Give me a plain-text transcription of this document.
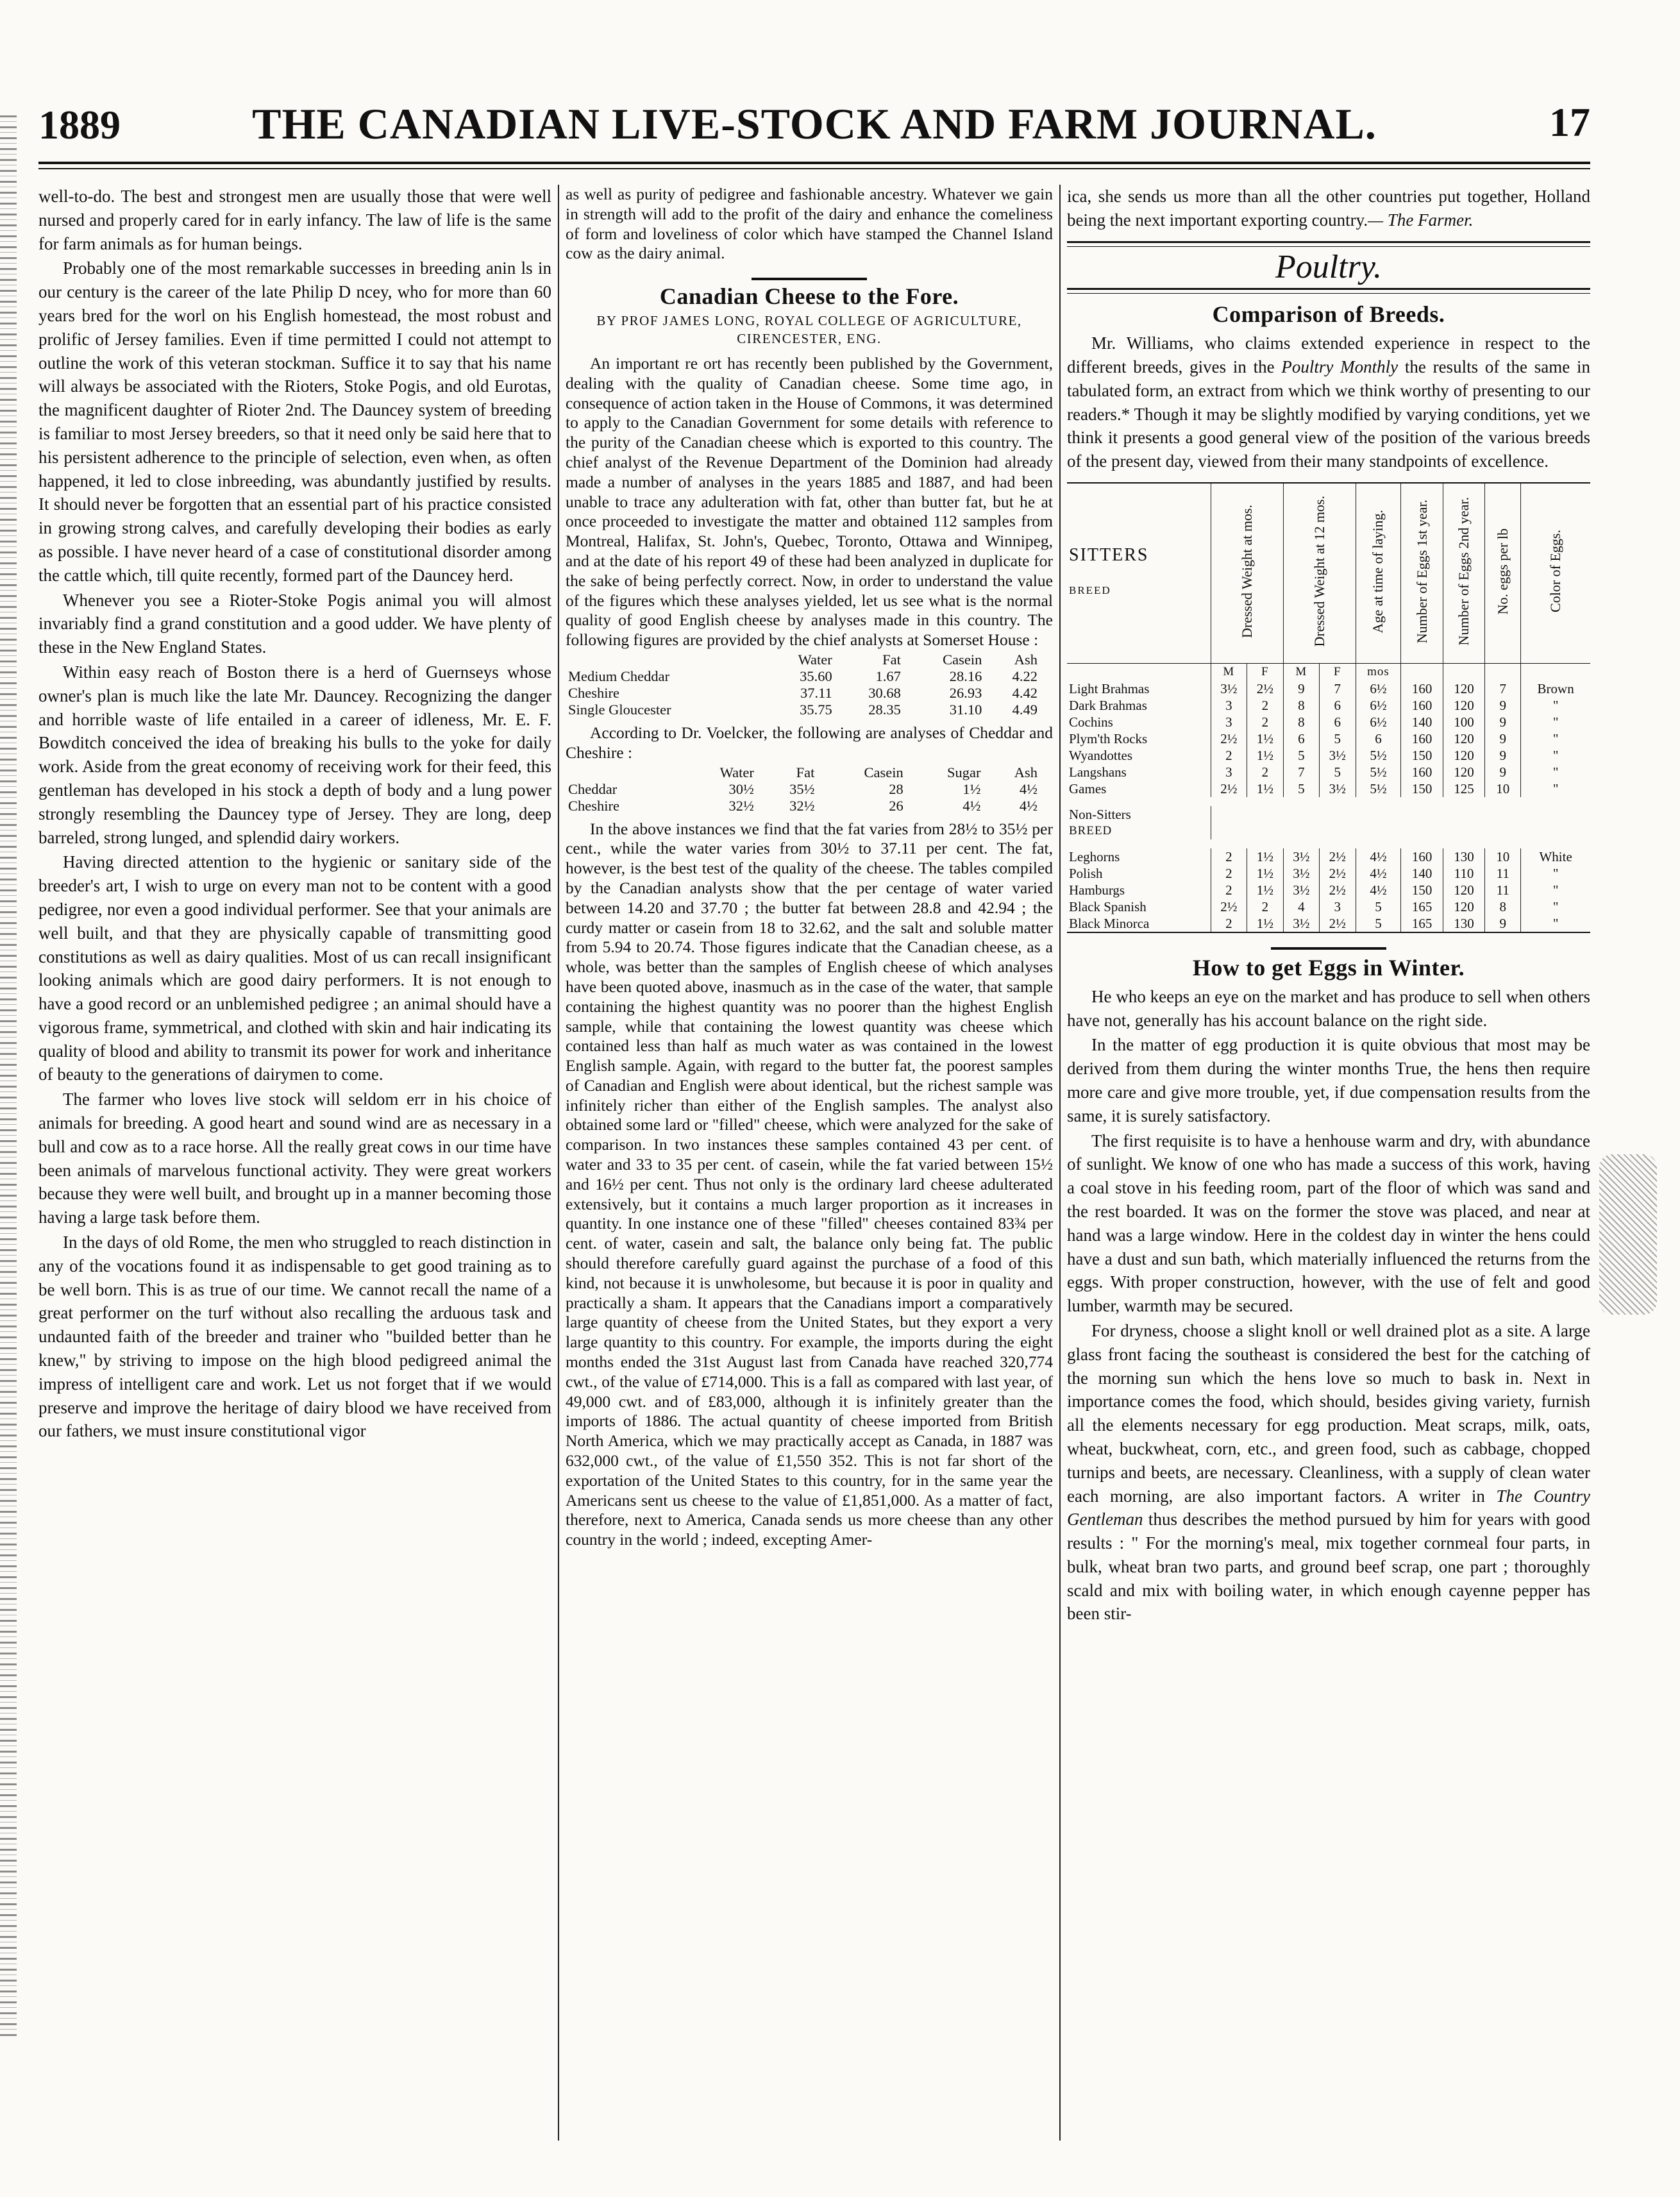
1889	THE CANADIAN LIVE-STOCK AND FARM JOURNAL.	17

well-to-do. The best and strongest men are usually those that were well nursed and properly cared for in early infancy. The law of life is the same for farm animals as for human beings.

Probably one of the most remarkable successes in breeding anin ls in our century is the career of the late Philip D ncey, who for more than 60 years bred for the worl on his English homestead, the most robust and prolific of Jersey families. Even if time permitted I could not attempt to outline the work of this veteran stockman. Suffice it to say that his name will always be associated with the Rioters, Stoke Pogis, and old Eurotas, the magnificent daughter of Rioter 2nd. The Dauncey system of breeding is familiar to most Jersey breeders, so that it need only be said here that to his persistent adherence to the principle of selection, even when, as often happened, it led to close inbreeding, was abundantly justified by results. It should never be forgotten that an essential part of his practice consisted in growing strong calves, and carefully developing their bodies as early as possible. I have never heard of a case of constitutional disorder among the cattle which, till quite recently, formed part of the Dauncey herd.

Whenever you see a Rioter-Stoke Pogis animal you will almost invariably find a grand constitution and a good udder. We have plenty of these in the New England States.

Within easy reach of Boston there is a herd of Guernseys whose owner's plan is much like the late Mr. Dauncey. Recognizing the danger and horrible waste of life entailed in a career of idleness, Mr. E. F. Bowditch conceived the idea of breaking his bulls to the yoke for daily work. Aside from the great economy of receiving work for their feed, this gentleman has developed in his stock a depth of body and a lung power strongly resembling the Dauncey type of Jersey. They are long, deep barreled, strong lunged, and splendid dairy workers.

Having directed attention to the hygienic or sanitary side of the breeder's art, I wish to urge on every man not to be content with a good pedigree, nor even a good individual performer. See that your animals are well built, and that they are physically capable of transmitting good constitutions as well as dairy qualities. Most of us can recall insignificant looking animals which are good dairy performers. It is not enough to have a good record or an unblemished pedigree ; an animal should have a vigorous frame, symmetrical, and clothed with skin and hair indicating its quality of blood and ability to transmit its power for work and inheritance of beauty to the generations of dairymen to come.

The farmer who loves live stock will seldom err in his choice of animals for breeding. A good heart and sound wind are as necessary in a bull and cow as to a race horse. All the really great cows in our time have been animals of marvelous functional activity. They were great workers because they were well built, and brought up in a manner becoming those having a large task before them.

In the days of old Rome, the men who struggled to reach distinction in any of the vocations found it as indispensable to get good training as to be well born. This is as true of our time. We cannot recall the name of a great performer on the turf without also recalling the arduous task and undaunted faith of the breeder and trainer who "builded better than he knew," by striving to impose on the high blood pedigreed animal the impress of intelligent care and work. Let us not forget that if we would preserve and improve the heritage of dairy blood we have received from our fathers, we must insure constitutional vigor

as well as purity of pedigree and fashionable ancestry. Whatever we gain in strength will add to the profit of the dairy and enhance the comeliness of form and loveliness of color which have stamped the Channel Island cow as the dairy animal.

Canadian Cheese to the Fore.
BY PROF JAMES LONG, ROYAL COLLEGE OF AGRICULTURE, CIRENCESTER, ENG.

An important re ort has recently been published by the Government, dealing with the quality of Canadian cheese. Some time ago, in consequence of action taken in the House of Commons, it was determined to apply to the Canadian Government for some details with reference to the purity of the Canadian cheese which is exported to this country. The chief analyst of the Revenue Department of the Dominion had already made a number of analyses in the years 1885 and 1887, and had been unable to trace any adulteration with fat, other than butter fat, but he at once proceeded to investigate the matter and obtained 112 samples from Montreal, Halifax, St. John's, Quebec, Toronto, Ottawa and Winnipeg, and at the date of his report 49 of these had been analyzed in duplicate for the sake of being perfectly correct. Now, in order to understand the value of the figures which these analyses yielded, let us see what is the normal quality of good English cheese by analyses made in this country. The following figures are provided by the chief analysts at Somerset House :

	Water	Fat	Casein	Ash
Medium Cheddar	35.60	1.67	28.16	4.22
Cheshire	37.11	30.68	26.93	4.42
Single Gloucester	35.75	28.35	31.10	4.49

According to Dr. Voelcker, the following are analyses of Cheddar and Cheshire :

	Water	Fat	Casein	Sugar	Ash
Cheddar	30½	35½	28	1½	4½
Cheshire	32½	32½	26	4½	4½

In the above instances we find that the fat varies from 28½ to 35½ per cent., while the water varies from 30½ to 37.11 per cent. The fat, however, is the best test of the quality of the cheese. The tables compiled by the Canadian analysts show that the per centage of water varied between 14.20 and 37.70 ; the butter fat between 28.8 and 42.94 ; the curdy matter or casein from 18 to 32.62, and the salt and soluble matter from 5.94 to 20.74. Those figures indicate that the Canadian cheese, as a whole, was better than the samples of English cheese of which analyses have been quoted above, inasmuch as in the case of the water, that sample containing the highest quantity was no poorer than the highest English sample, while that containing the lowest quantity was cheese which contained less than half as much water as was contained in the lowest English sample. Again, with regard to the butter fat, the poorest samples of Canadian and English were about identical, but the richest sample was infinitely richer than either of the English samples. The analyst also obtained some lard or "filled" cheese, which were analyzed for the sake of comparison. In two instances these samples contained 43 per cent. of water and 33 to 35 per cent. of casein, while the fat varied between 15½ and 16½ per cent. Thus not only is the ordinary lard cheese adulterated extensively, but it contains a much larger proportion as it increases in quantity. In one instance one of these "filled" cheeses contained 83¾ per cent. of water, casein and salt, the balance only being fat. The public should therefore carefully guard against the purchase of a food of this kind, not because it is unwholesome, but because it is poor in quality and practically a sham. It appears that the Canadians import a comparatively large quantity of cheese from the United States, but they export a very large quantity to this country. For example, the imports during the eight months ended the 31st August last from Canada have reached 320,774 cwt., of the value of £714,000. This is a fall as compared with last year, of 49,000 cwt. and of £83,000, although it is infinitely greater than the imports of 1886. The actual quantity of cheese imported from British North America, which we may practically accept as Canada, in 1887 was 632,000 cwt., of the value of £1,550 352. This is not far short of the exportation of the United States to this country, for in the same year the Americans sent us cheese to the value of £1,851,000. As a matter of fact, therefore, next to America, Canada sends us more cheese than any other country in the world ; indeed, excepting Amer-

ica, she sends us more than all the other countries put together, Holland being the next important exporting country.— The Farmer.

Poultry.
Comparison of Breeds.

Mr. Williams, who claims extended experience in respect to the different breeds, gives in the Poultry Monthly the results of the same in tabulated form, an extract from which we think worthy of presenting to our readers.* Though it may be slightly modified by varying conditions, yet we think it presents a good general view of the position of the various breeds of the present day, viewed from their many standpoints of excellence.

SITTERS
BREED	Dressed Weight at mos.		Dressed Weight at 12 mos.		Age at time of laying.	Number of Eggs 1st year.	Number of Eggs 2nd year.	No. eggs per lb	Color of Eggs.
	M	F	M	F	mos				
Light Brahmas	3½	2½	9	7	6½	160	120	7	Brown
Dark Brahmas	3	2	8	6	6½	160	120	9	"
Cochins	3	2	8	6	6½	140	100	9	"
Plym'th Rocks	2½	1½	6	5	6	160	120	9	"
Wyandottes	2	1½	5	3½	5½	150	120	9	"
Langshans	3	2	7	5	5½	160	120	9	"
Games	2½	1½	5	3½	5½	150	125	10	"

Non-Sitters									
BREED									

Leghorns	2	1½	3½	2½	4½	160	130	10	White
Polish	2	1½	3½	2½	4½	140	110	11	"
Hamburgs	2	1½	3½	2½	4½	150	120	11	"
Black Spanish	2½	2	4	3	5	165	120	8	"
Black Minorca	2	1½	3½	2½	5	165	130	9	"
How to get Eggs in Winter.

He who keeps an eye on the market and has produce to sell when others have not, generally has his account balance on the right side.

In the matter of egg production it is quite obvious that most may be derived from them during the winter months True, the hens then require more care and give more trouble, yet, if due compensation results from the same, it is surely satisfactory.

The first requisite is to have a henhouse warm and dry, with abundance of sunlight. We know of one who has made a success of this work, having a coal stove in his feeding room, part of the floor of which was sand and the rest boarded. It was on the former the stove was placed, and near at hand was a large window. Here in the coldest day in winter the hens could have a dust and sun bath, which materially influenced the returns from the eggs. With proper construction, however, with the use of felt and good lumber, warmth may be secured.

For dryness, choose a slight knoll or well drained plot as a site. A large glass front facing the southeast is considered the best for the catching of the morning sun which the hens love so much to bask in. Next in importance comes the food, which should, besides giving variety, furnish all the elements necessary for egg production. Meat scraps, milk, oats, wheat, buckwheat, corn, etc., and green food, such as cabbage, chopped turnips and beets, are necessary. Cleanliness, with a supply of clean water each morning, are also important factors. A writer in The Country Gentleman thus describes the method pursued by him for years with good results : " For the morning's meal, mix together cornmeal four parts, in bulk, wheat bran two parts, and ground beef scrap, one part ; thoroughly scald and mix with boiling water, in which enough cayenne pepper has been stir-
